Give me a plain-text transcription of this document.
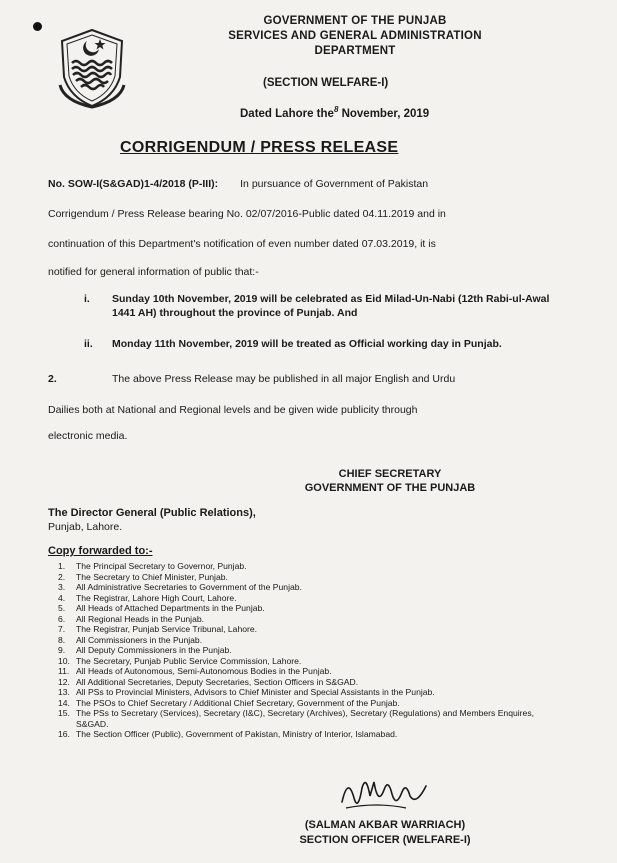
GOVERNMENT OF THE PUNJAB
SERVICES AND GENERAL ADMINISTRATION
DEPARTMENT
(SECTION WELFARE-I)
Dated Lahore the$^8$ November, 2019
CORRIGENDUM / PRESS RELEASE
No. SOW-I(S&GAD)1-4/2018 (P-III): In pursuance of Government of Pakistan
Corrigendum / Press Release bearing No. 02/07/2016-Public dated 04.11.2019 and in
continuation of this Department's notification of even number dated 07.03.2019, it is
notified for general information of public that:-
i. Sunday 10th November, 2019 will be celebrated as Eid Milad-Un-Nabi (12th Rabi-ul-Awal 1441 AH) throughout the province of Punjab. And
ii. Monday 11th November, 2019 will be treated as Official working day in Punjab.
2.	The above Press Release may be published in all major English and Urdu
Dailies both at National and Regional levels and be given wide publicity through
electronic media.
CHIEF SECRETARY
GOVERNMENT OF THE PUNJAB
The Director General (Public Relations),
Punjab, Lahore.
Copy forwarded to:-
1.	The Principal Secretary to Governor, Punjab.
2.	The Secretary to Chief Minister, Punjab.
3.	All Administrative Secretaries to Government of the Punjab.
4.	The Registrar, Lahore High Court, Lahore.
5.	All Heads of Attached Departments in the Punjab.
6.	All Regional Heads in the Punjab.
7.	The Registrar, Punjab Service Tribunal, Lahore.
8.	All Commissioners in the Punjab.
9.	All Deputy Commissioners in the Punjab.
10. The Secretary, Punjab Public Service Commission, Lahore.
11. All Heads of Autonomous, Semi-Autonomous Bodies in the Punjab.
12. All Additional Secretaries, Deputy Secretaries, Section Officers in S&GAD.
13. All PSs to Provincial Ministers, Advisors to Chief Minister and Special Assistants in the Punjab.
14. The PSOs to Chief Secretary / Additional Chief Secretary, Government of the Punjab.
15. The PSs to Secretary (Services), Secretary (I&C), Secretary (Archives), Secretary (Regulations) and Members Enquires, S&GAD.
16. The Section Officer (Public), Government of Pakistan, Ministry of Interior, Islamabad.
(SALMAN AKBAR WARRIACH)
SECTION OFFICER (WELFARE-I)
